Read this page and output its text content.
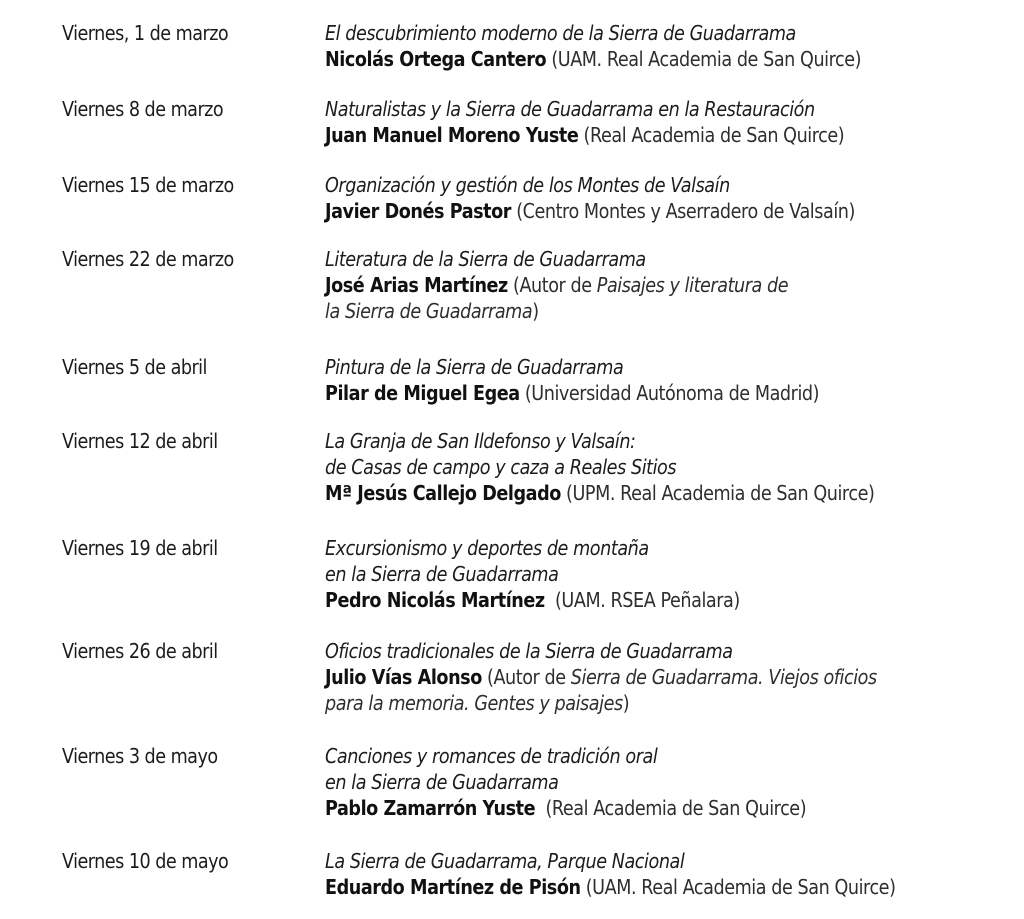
Viernes, 1 de marzo	El descubrimiento moderno de la Sierra de Guadarrama
Nicolás Ortega Cantero (UAM. Real Academia de San Quirce)
Viernes 8 de marzo	Naturalistas y la Sierra de Guadarrama en la Restauración
Juan Manuel Moreno Yuste (Real Academia de San Quirce)
Viernes 15 de marzo	Organización y gestión de los Montes de Valsaín
Javier Donés Pastor (Centro Montes y Aserradero de Valsaín)
Viernes 22 de marzo	Literatura de la Sierra de Guadarrama
José Arias Martínez (Autor de Paisajes y literatura de
la Sierra de Guadarrama)
Viernes 5 de abril	Pintura de la Sierra de Guadarrama
Pilar de Miguel Egea (Universidad Autónoma de Madrid)
Viernes 12 de abril	La Granja de San Ildefonso y Valsaín:
de Casas de campo y caza a Reales Sitios
Mª Jesús Callejo Delgado (UPM. Real Academia de San Quirce)
Viernes 19 de abril	Excursionismo y deportes de montaña
en la Sierra de Guadarrama
Pedro Nicolás Martínez  (UAM. RSEA Peñalara)
Viernes 26 de abril	Oficios tradicionales de la Sierra de Guadarrama
Julio Vías Alonso (Autor de Sierra de Guadarrama. Viejos oficios
para la memoria. Gentes y paisajes)
Viernes 3 de mayo	Canciones y romances de tradición oral
en la Sierra de Guadarrama
Pablo Zamarrón Yuste  (Real Academia de San Quirce)
Viernes 10 de mayo	La Sierra de Guadarrama, Parque Nacional
Eduardo Martínez de Pisón (UAM. Real Academia de San Quirce)
